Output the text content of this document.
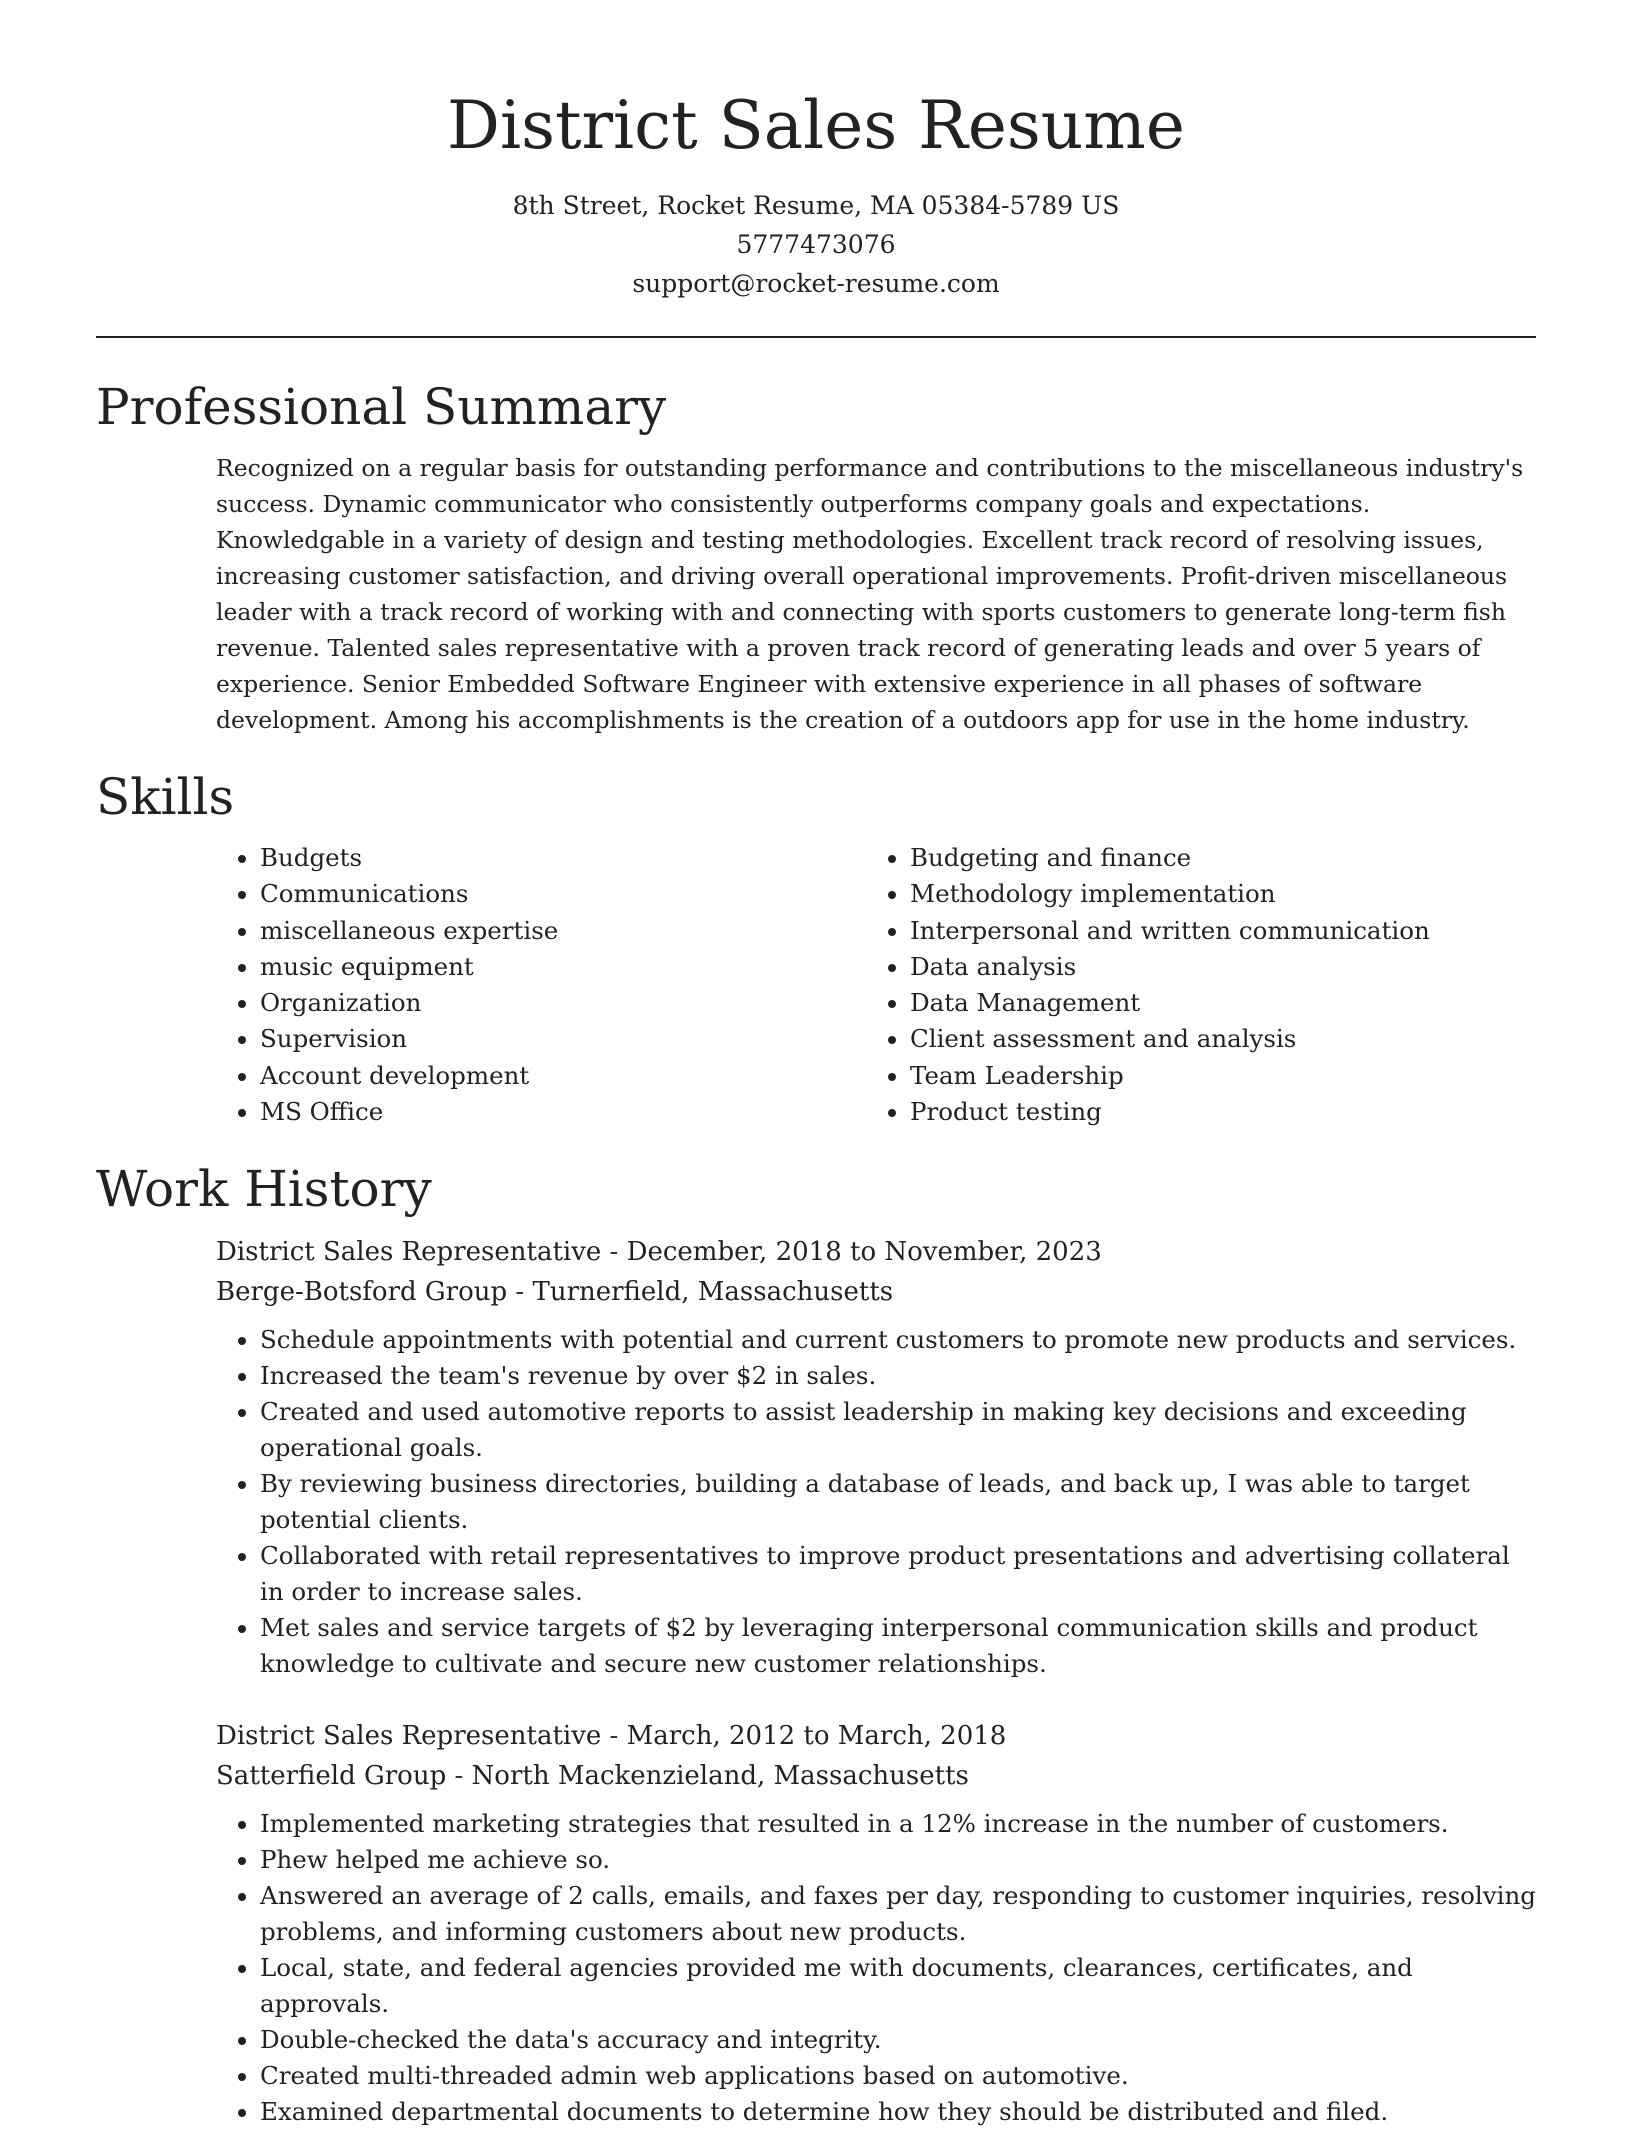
District Sales Resume

8th Street, Rocket Resume, MA 05384-5789 US

5777473076

support@rocket-resume.com

Professional Summary

Recognized on a regular basis for outstanding performance and contributions to the miscellaneous industry's success. Dynamic communicator who consistently outperforms company goals and expectations. Knowledgable in a variety of design and testing methodologies. Excellent track record of resolving issues, increasing customer satisfaction, and driving overall operational improvements. Profit-driven miscellaneous leader with a track record of working with and connecting with sports customers to generate long-term fish revenue. Talented sales representative with a proven track record of generating leads and over 5 years of experience. Senior Embedded Software Engineer with extensive experience in all phases of software development. Among his accomplishments is the creation of a outdoors app for use in the home industry.

Skills
• Budgets
• Communications
• miscellaneous expertise
• music equipment
• Organization
• Supervision
• Account development
• MS Office
• Budgeting and finance
• Methodology implementation
• Interpersonal and written communication
• Data analysis
• Data Management
• Client assessment and analysis
• Team Leadership
• Product testing
Work History

District Sales Representative - December, 2018 to November, 2023

Berge-Botsford Group - Turnerfield, Massachusetts

• Schedule appointments with potential and current customers to promote new products and services.
• Increased the team's revenue by over $2 in sales.
• Created and used automotive reports to assist leadership in making key decisions and exceeding operational goals.
• By reviewing business directories, building a database of leads, and back up, I was able to target potential clients.
• Collaborated with retail representatives to improve product presentations and advertising collateral in order to increase sales.
• Met sales and service targets of $2 by leveraging interpersonal communication skills and product knowledge to cultivate and secure new customer relationships.

District Sales Representative - March, 2012 to March, 2018

Satterfield Group - North Mackenzieland, Massachusetts

• Implemented marketing strategies that resulted in a 12% increase in the number of customers.
• Phew helped me achieve so.
• Answered an average of 2 calls, emails, and faxes per day, responding to customer inquiries, resolving problems, and informing customers about new products.
• Local, state, and federal agencies provided me with documents, clearances, certificates, and approvals.
• Double-checked the data's accuracy and integrity.
• Created multi-threaded admin web applications based on automotive.
• Examined departmental documents to determine how they should be distributed and filed.
